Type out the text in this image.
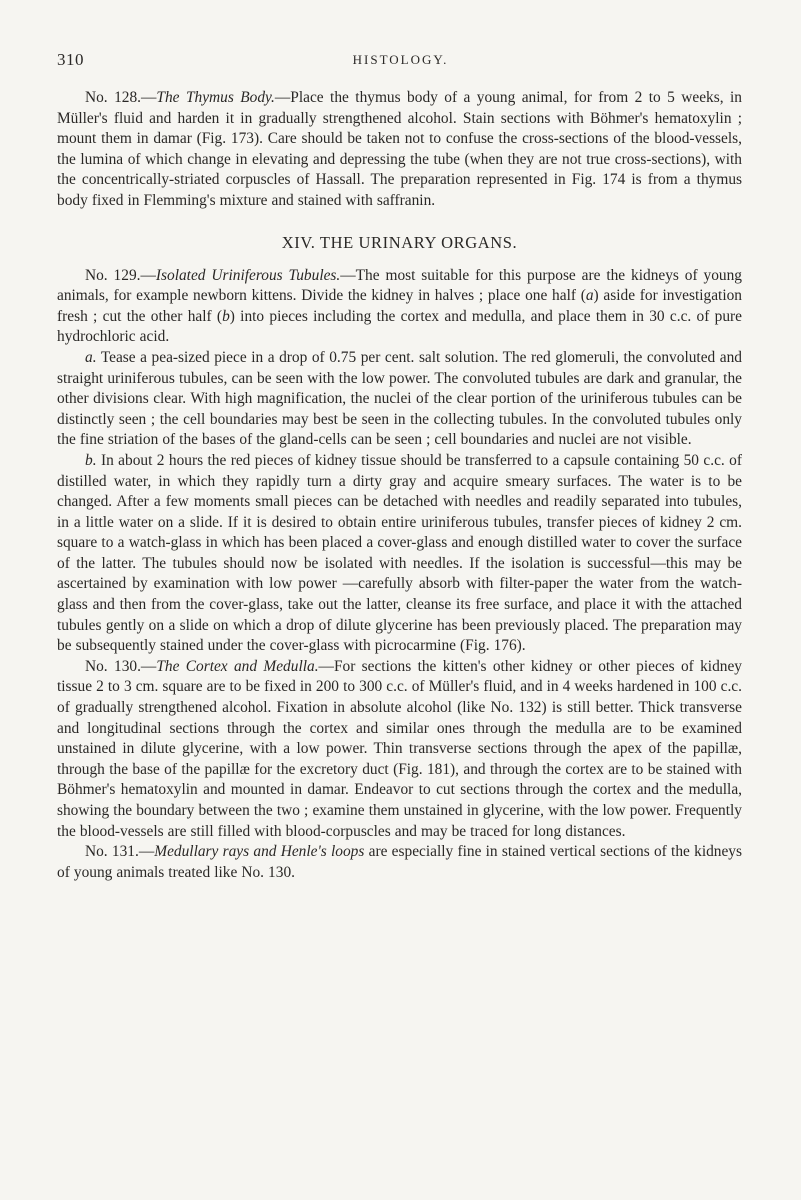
310	HISTOLOGY.

No. 128.—The Thymus Body.—Place the thymus body of a young animal, for from 2 to 5 weeks, in Müller's fluid and harden it in gradually strengthened alcohol. Stain sections with Böhmer's hematoxylin ; mount them in damar (Fig. 173). Care should be taken not to confuse the cross-sections of the blood-vessels, the lumina of which change in elevating and depressing the tube (when they are not true cross-sections), with the concentrically-striated corpuscles of Hassall. The preparation represented in Fig. 174 is from a thymus body fixed in Flemming's mixture and stained with saffranin.

XIV. THE URINARY ORGANS.

No. 129.—Isolated Uriniferous Tubules.—The most suitable for this purpose are the kidneys of young animals, for example newborn kittens. Divide the kidney in halves ; place one half (a) aside for investigation fresh ; cut the other half (b) into pieces including the cortex and medulla, and place them in 30 c.c. of pure hydrochloric acid.

a. Tease a pea-sized piece in a drop of 0.75 per cent. salt solution. The red glomeruli, the convoluted and straight uriniferous tubules, can be seen with the low power. The convoluted tubules are dark and granular, the other divisions clear. With high magnification, the nuclei of the clear portion of the uriniferous tubules can be distinctly seen ; the cell boundaries may best be seen in the collecting tubules. In the convoluted tubules only the fine striation of the bases of the gland-cells can be seen ; cell boundaries and nuclei are not visible.

b. In about 2 hours the red pieces of kidney tissue should be transferred to a capsule containing 50 c.c. of distilled water, in which they rapidly turn a dirty gray and acquire smeary surfaces. The water is to be changed. After a few moments small pieces can be detached with needles and readily separated into tubules, in a little water on a slide. If it is desired to obtain entire uriniferous tubules, transfer pieces of kidney 2 cm. square to a watch-glass in which has been placed a cover-glass and enough distilled water to cover the surface of the latter. The tubules should now be isolated with needles. If the isolation is successful—this may be ascertained by examination with low power —carefully absorb with filter-paper the water from the watch-glass and then from the cover-glass, take out the latter, cleanse its free surface, and place it with the attached tubules gently on a slide on which a drop of dilute glycerine has been previously placed. The preparation may be subsequently stained under the cover-glass with picrocarmine (Fig. 176).

No. 130.—The Cortex and Medulla.—For sections the kitten's other kidney or other pieces of kidney tissue 2 to 3 cm. square are to be fixed in 200 to 300 c.c. of Müller's fluid, and in 4 weeks hardened in 100 c.c. of gradually strengthened alcohol. Fixation in absolute alcohol (like No. 132) is still better. Thick transverse and longitudinal sections through the cortex and similar ones through the medulla are to be examined unstained in dilute glycerine, with a low power. Thin transverse sections through the apex of the papillæ, through the base of the papillæ for the excretory duct (Fig. 181), and through the cortex are to be stained with Böhmer's hematoxylin and mounted in damar. Endeavor to cut sections through the cortex and the medulla, showing the boundary between the two ; examine them unstained in glycerine, with the low power. Frequently the blood-vessels are still filled with blood-corpuscles and may be traced for long distances.

No. 131.—Medullary rays and Henle's loops are especially fine in stained vertical sections of the kidneys of young animals treated like No. 130.
